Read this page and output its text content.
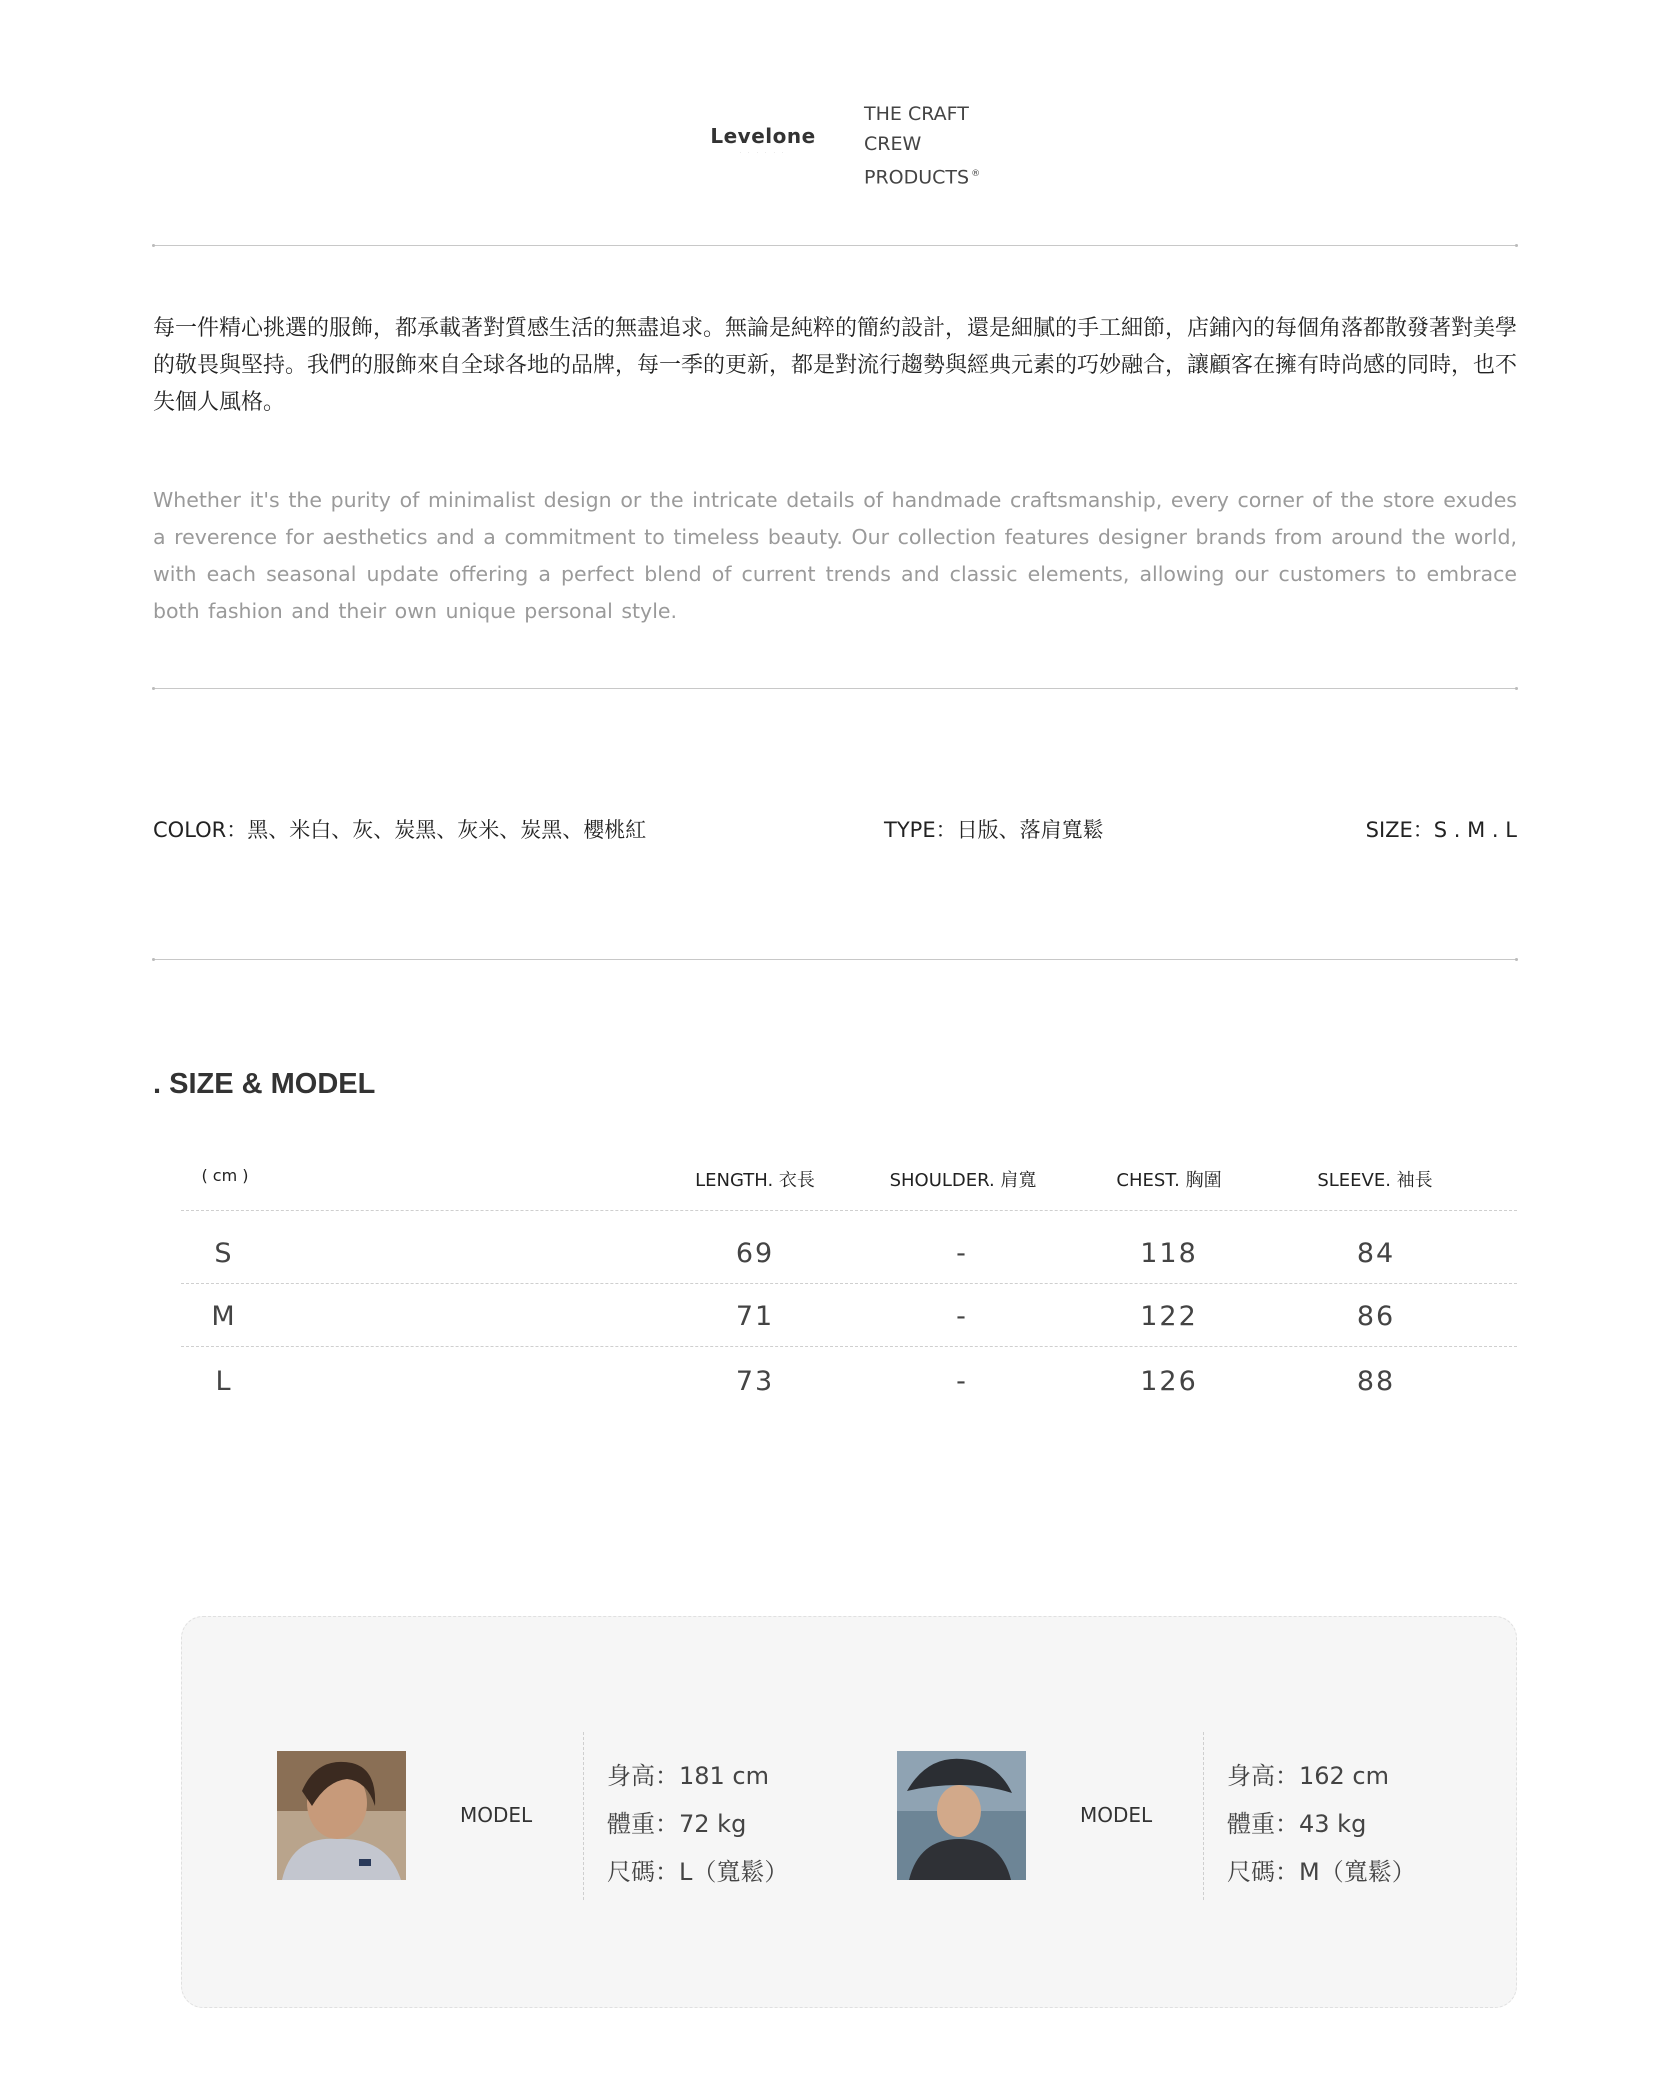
Levelone
· · · · · ·
THE CRAFT
CREW
PRODUCTS ®
每一件精心挑選的服飾，都承載著對質感生活的無盡追求。無論是純粹的簡約設計，還是細膩的手工細節，店鋪內的每個角落都散發著對美學的敬畏與堅持。我們的服飾來自全球各地的品牌，每一季的更新，都是對流行趨勢與經典元素的巧妙融合，讓顧客在擁有時尚感的同時，也不失個人風格。
Whether it's the purity of minimalist design or the intricate details of handmade craftsmanship, every corner of the store exudes a reverence for aesthetics and a commitment to timeless beauty. Our collection features designer brands from around the world, with each seasonal update offering a perfect blend of current trends and classic elements, allowing our customers to embrace both fashion and their own unique personal style.
COLOR：黑、米白、灰、炭黑、灰米、炭黑、櫻桃紅	TYPE：日版、落肩寬鬆	SIZE：S . M . L
. SIZE & MODEL
( cm )	LENGTH. 衣長	SHOULDER. 肩寬	CHEST. 胸圍	SLEEVE. 袖長
S	69	-	118	84
M	71	-	122	86
L	73	-	126	88
MODEL
身高：181 cm
體重：72 kg
尺碼：L（寬鬆）
MODEL
身高：162 cm
體重：43 kg
尺碼：M（寬鬆）
